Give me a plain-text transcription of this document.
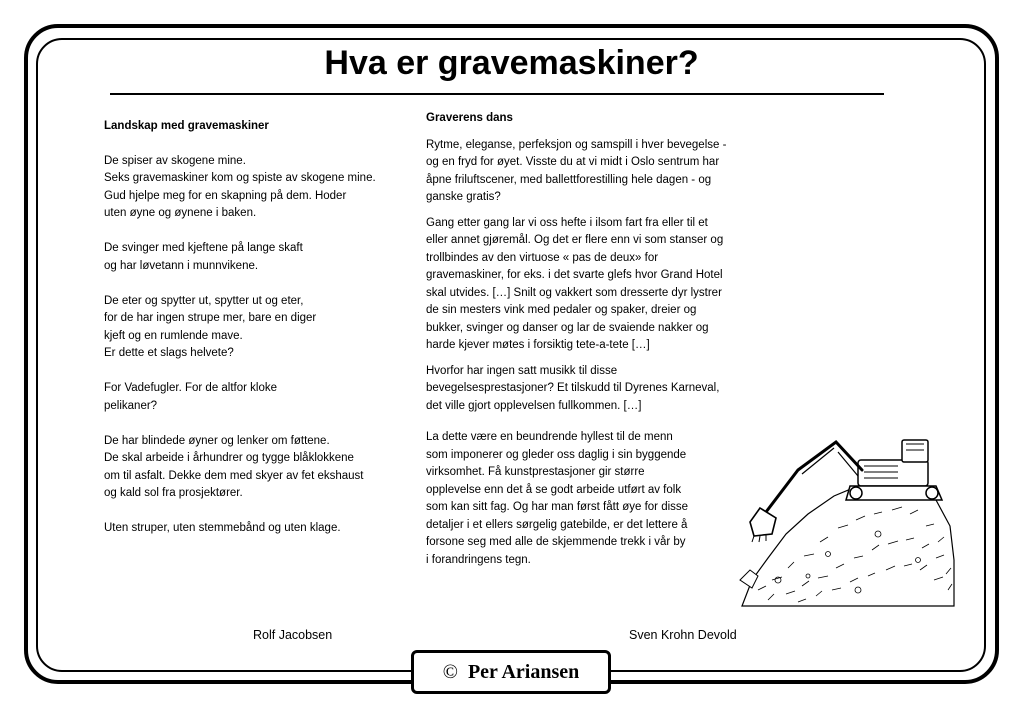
Hva er gravemaskiner?
Landskap med gravemaskiner
De spiser av skogene mine.
Seks gravemaskiner kom og spiste av skogene mine.
Gud hjelpe meg for en skapning på dem. Hoder
uten øyne og øynene i baken.
De svinger med kjeftene på lange skaft
og har løvetann i munnvikene.
De eter og spytter ut, spytter ut og eter,
for de har ingen strupe mer, bare en diger
kjeft og en rumlende mave.
Er dette et slags helvete?
For Vadefugler. For de altfor kloke
pelikaner?
De har blindede øyner og lenker om føttene.
De skal arbeide i århundrer og tygge blåklokkene
om til asfalt. Dekke dem med skyer av fet ekshaust
og kald sol fra prosjektører.
Uten struper, uten stemmebånd og uten klage.
Graverens dans
Rytme, eleganse, perfeksjon og samspill i hver bevegelse -
og en fryd for øyet. Visste du at vi midt i Oslo sentrum har
åpne friluftscener, med ballettforestilling hele dagen - og
ganske gratis?
Gang etter gang lar vi oss hefte i ilsom fart fra eller til et
eller annet gjøremål. Og det er flere enn vi som stanser og
trollbindes av den virtuose « pas de deux» for
gravemaskiner, for eks. i det svarte glefs hvor Grand Hotel
skal utvides. […] Snilt og vakkert som dresserte dyr lystrer
de sin mesters vink med pedaler og spaker, dreier og
bukker, svinger og danser og lar de svaiende nakker og
harde kjever møtes i forsiktig tete-a-tete […]
Hvorfor har ingen satt musikk til disse
bevegelsesprestasjoner? Et tilskudd til Dyrenes Karneval,
det ville gjort opplevelsen fullkommen. […]
La dette være en beundrende hyllest til de menn
som imponerer og gleder oss daglig i sin byggende
virksomhet. Få kunstprestasjoner gir større
opplevelse enn det å se godt arbeide utført av folk
som kan sitt fag. Og har man først fått øye for disse
detaljer i et ellers sørgelig gatebilde, er det lettere å
forsone seg med alle de skjemmende trekk i vår by
i forandringens tegn.
Rolf Jacobsen	Sven Krohn Devold
© Per Ariansen
